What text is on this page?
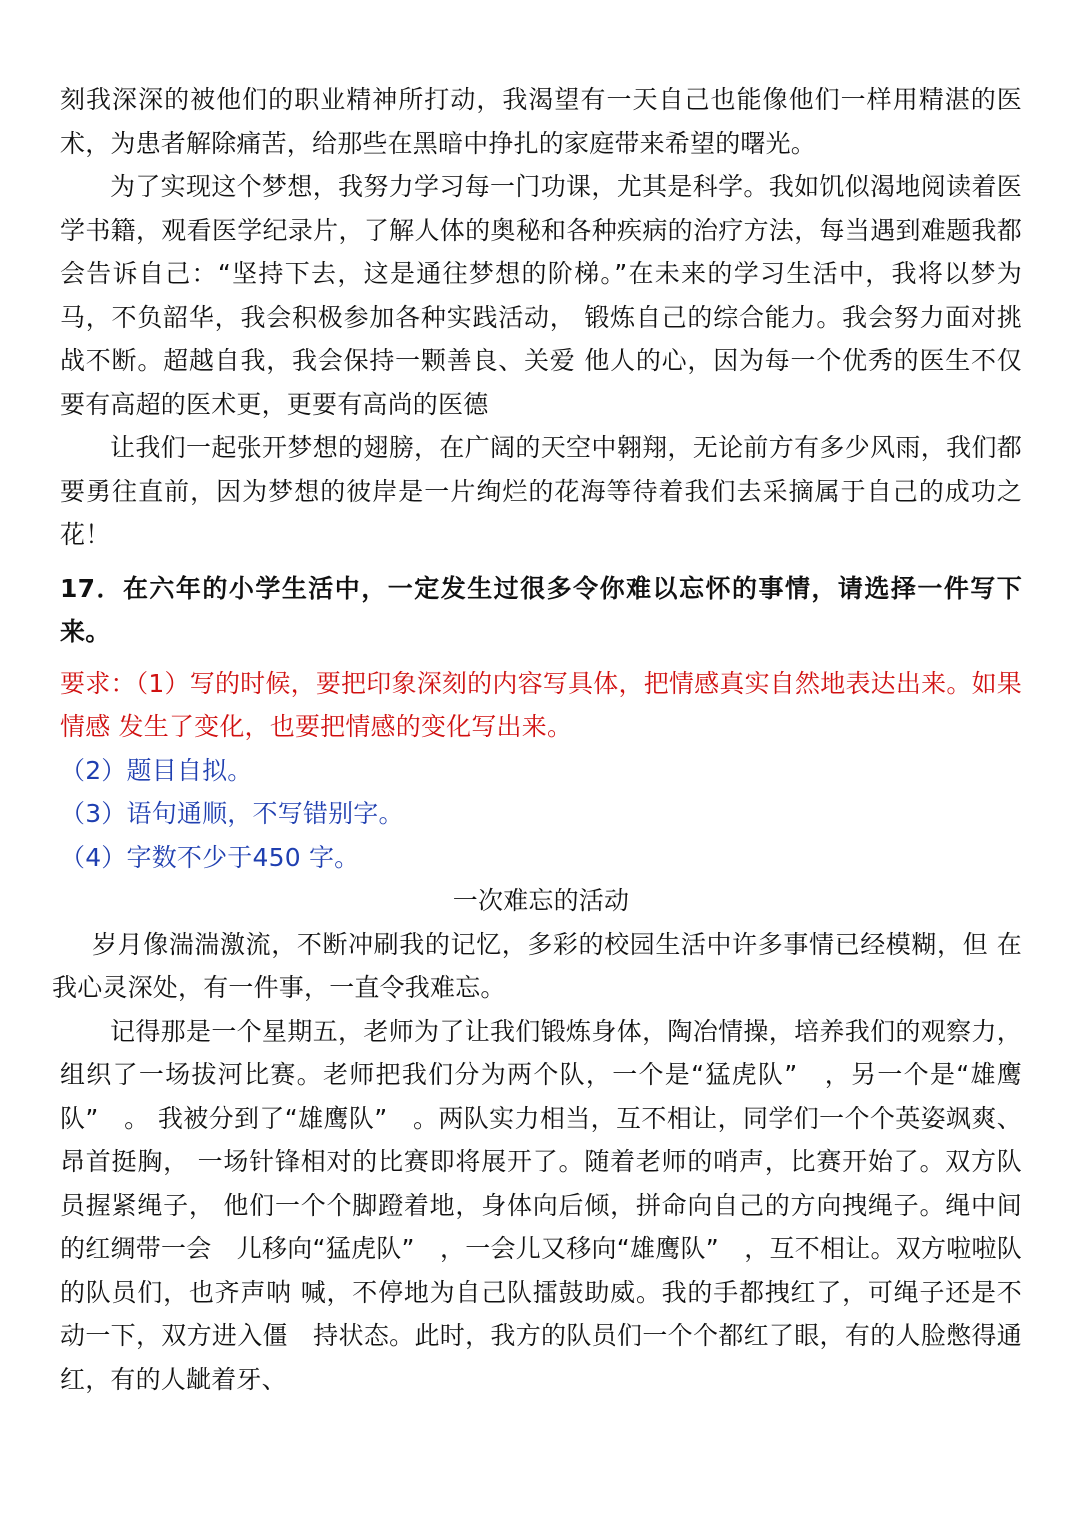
刻我深深的被他们的职业精神所打动，我渴望有一天自己也能像他们一样用精湛的医术，为患者解除痛苦，给那些在黑暗中挣扎的家庭带来希望的曙光。

为了实现这个梦想，我努力学习每一门功课，尤其是科学。我如饥似渴地阅读着医学书籍，观看医学纪录片，了解人体的奥秘和各种疾病的治疗方法，每当遇到难题我都会告诉自己：“坚持下去，这是通往梦想的阶梯。”在未来的学习生活中，我将以梦为马，不负韶华，我会积极参加各种实践活动， 锻炼自己的综合能力。我会努力面对挑战不断。超越自我，我会保持一颗善良、关爱 他人的心，因为每一个优秀的医生不仅要有高超的医术更，更要有高尚的医德

让我们一起张开梦想的翅膀，在广阔的天空中翱翔，无论前方有多少风雨，我们都要勇往直前，因为梦想的彼岸是一片绚烂的花海等待着我们去采摘属于自己的成功之花！

17．在六年的小学生活中，一定发生过很多令你难以忘怀的事情，请选择一件写下来。

要求：（1）写的时候，要把印象深刻的内容写具体，把情感真实自然地表达出来。如果情感 发生了变化，也要把情感的变化写出来。

（2）题目自拟。

（3）语句通顺，不写错别字。

（4）字数不少于450 字。

一次难忘的活动

岁月像湍湍激流，不断冲刷我的记忆，多彩的校园生活中许多事情已经模糊，但 在我心灵深处，有一件事，一直令我难忘。

记得那是一个星期五，老师为了让我们锻炼身体，陶冶情操，培养我们的观察力，组织了一场拔河比赛。老师把我们分为两个队，一个是“猛虎队”　，另一个是“雄鹰队”　。 我被分到了“雄鹰队”　。两队实力相当，互不相让，同学们一个个英姿飒爽、昂首挺胸， 一场针锋相对的比赛即将展开了。随着老师的哨声，比赛开始了。双方队员握紧绳子， 他们一个个脚蹬着地，身体向后倾，拼命向自己的方向拽绳子。绳中间的红绸带一会　儿移向“猛虎队”　，一会儿又移向“雄鹰队”　，互不相让。双方啦啦队的队员们，也齐声呐 喊，不停地为自己队擂鼓助威。我的手都拽红了，可绳子还是不动一下，双方进入僵　持状态。此时，我方的队员们一个个都红了眼，有的人脸憋得通红，有的人龇着牙、
